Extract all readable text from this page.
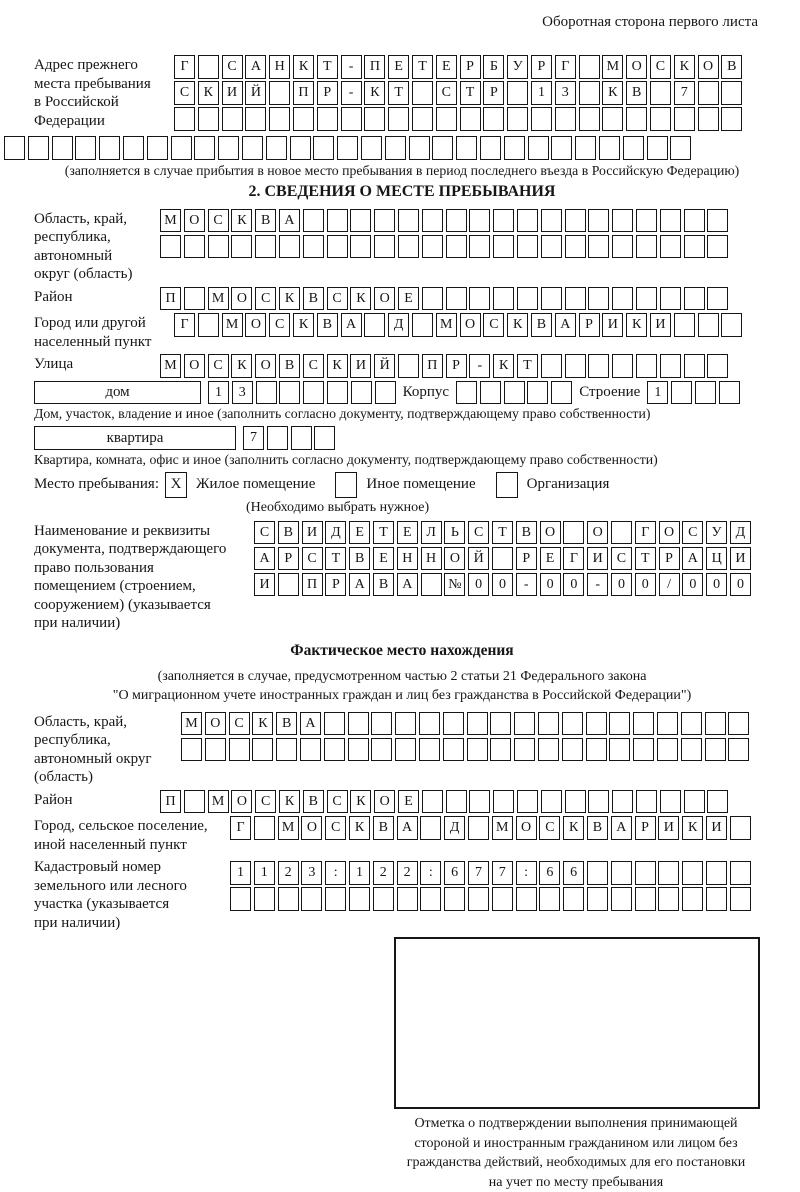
Оборотная сторона первого листа
Адрес прежнего
места пребывания
в Российской
Федерации
Г	С	А Н	К	Т	-	П	Е	Т	Е	Р	Б	У	Р	Г	М О	С	К	О	В
С	К	И Й	П	Р	-	К	Т	С	Т	Р	1	3	К	В	7
(заполняется в случае прибытия в новое место пребывания в период последнего въезда в Российскую Федерацию)
2. СВЕДЕНИЯ О МЕСТЕ ПРЕБЫВАНИЯ
Область, край,
республика,
автономный
округ (область)
М О	С	К	В	А
Район	П	М О	С	К	В	С	К	О	Е
Город или другой
населенный пункт
Г	М О	С	К	В	А	Д	М О	С	К	В	А	Р	И	К	И
Улица	М О	С	К	О	В	С	К	И Й	П	Р	-	К	Т
дом	1	3	Корпус	Строение	1
Дом, участок, владение и иное (заполнить согласно документу, подтверждающему право собственности)
квартира	7
Квартира, комната, офис и иное (заполнить согласно документу, подтверждающему право собственности)
Место пребывания: X Жилое помещение	Иное помещение	Организация
(Необходимо выбрать нужное)
Наименование и реквизиты
документа, подтверждающего
право пользования
помещением (строением,
сооружением) (указывается
при наличии)
С	В	И Д	Е	Т	Е	Л	Ь	С	Т	В	О	О	Г	О	С	У	Д
А	Р	С	Т	В	Е	Н Н О Й	Р	Е	Г	И	С	Т	Р	А Ц И
И	П	Р	А	В	А	№ 0	0	-	0	0	-	0	0	/	0	0	0
Фактическое место нахождения
(заполняется в случае, предусмотренном частью 2 статьи 21 Федерального закона
"О миграционном учете иностранных граждан и лиц без гражданства в Российской Федерации")
Область, край,
республика,
автономный округ
(область)
М О	С	К	В	А
Район	П	М О	С	К	В	С	К	О	Е
Город, сельское поселение,
иной населенный пункт
Г	М О	С	К	В	А	Д	М О	С	К	В	А	Р	И	К	И
Кадастровый номер
земельного или лесного
участка (указывается
при наличии)
1	1	2	3	:	1	2	2	:	6	7	7	:	6	6
Отметка о подтверждении выполнения принимающей
стороной и иностранным гражданином или лицом без
гражданства действий, необходимых для его постановки
на учет по месту пребывания
